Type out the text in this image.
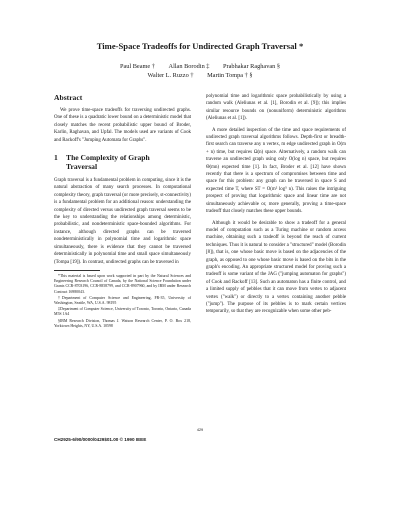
Time-Space Tradeoffs for Undirected Graph Traversal *
Paul Beame † Allan Borodin ‡ Prabhakar Raghavan §
Walter L. Ruzzo † Martin Tompa † §
Abstract

We prove time-space tradeoffs for traversing undirected graphs. One of these is a quadratic lower bound on a deterministic model that closely matches the recent probabilistic upper bound of Broder, Karlin, Raghavan, and Upfal. The models used are variants of Cook and Rackoff's "Jumping Automata for Graphs".

1 The Complexity of Graph
Traversal

Graph traversal is a fundamental problem in computing, since it is the natural abstraction of many search processes. In computational complexity theory, graph traversal (or more precisely, st-connectivity) is a fundamental problem for an additional reason: understanding the complexity of directed versus undirected graph traversal seems to be the key to understanding the relationships among deterministic, probabilistic, and nondeterministic space-bounded algorithms. For instance, although directed graphs can be traversed nondeterministically in polynomial time and logarithmic space simultaneously, there is evidence that they cannot be traversed deterministically in polynomial time and small space simultaneously (Tompa [19]). In contrast, undirected graphs can be traversed in

*This material is based upon work supported in part by the Natural Sciences and Engineering Research Council of Canada, by the National Science Foundation under Grants CCR-8703196, CCR-8858799, and CCR-8907960, and by IBM under Research Contract 16980043.

†Department of Computer Science and Engineering, FR-35, University of Washington, Seattle, WA, U.S.A. 98195

‡Department of Computer Science, University of Toronto, Toronto, Ontario, Canada M5S 1A4

§IBM Research Division, Thomas J. Watson Research Center, P. O. Box 218, Yorktown Heights, NY, U.S.A. 10598

polynomial time and logarithmic space probabilistically by using a random walk (Aleliunas et al. [1], Borodin et al. [9]); this implies similar resource bounds on (nonuniform) deterministic algorithms (Aleliunas et al. [1]).

A more detailed inspection of the time and space requirements of undirected graph traversal algorithms follows. Depth-first or breadth-first search can traverse any n vertex, m edge undirected graph in O(m + n) time, but requires Ω(n) space. Alternatively, a random walk can traverse an undirected graph using only O(log n) space, but requires Θ(mn) expected time [1]. In fact, Broder et al. [12] have shown recently that there is a spectrum of compromises between time and space for this problem: any graph can be traversed in space S and expected time T, where ST = O(m² log⁵ n). This raises the intriguing prospect of proving that logarithmic space and linear time are not simultaneously achievable or, more generally, proving a time-space tradeoff that closely matches these upper bounds.

Although it would be desirable to show a tradeoff for a general model of computation such as a Turing machine or random access machine, obtaining such a tradeoff is beyond the reach of current techniques. Thus it is natural to consider a "structured" model (Borodin [8]), that is, one whose basic move is based on the adjacencies of the graph, as opposed to one whose basic move is based on the bits in the graph's encoding. An appropriate structured model for proving such a tradeoff is some variant of the JAG ("jumping automaton for graphs") of Cook and Rackoff [13]. Such an automaton has a finite control, and a limited supply of pebbles that it can move from vertex to adjacent vertex ("walk") or directly to a vertex containing another pebble ("jump"). The purpose of its pebbles is to mark certain vertices temporarily, so that they are recognizable when some other peb-

429
CH2925-6/90/0000/0429$01.00 © 1990 IEEE
